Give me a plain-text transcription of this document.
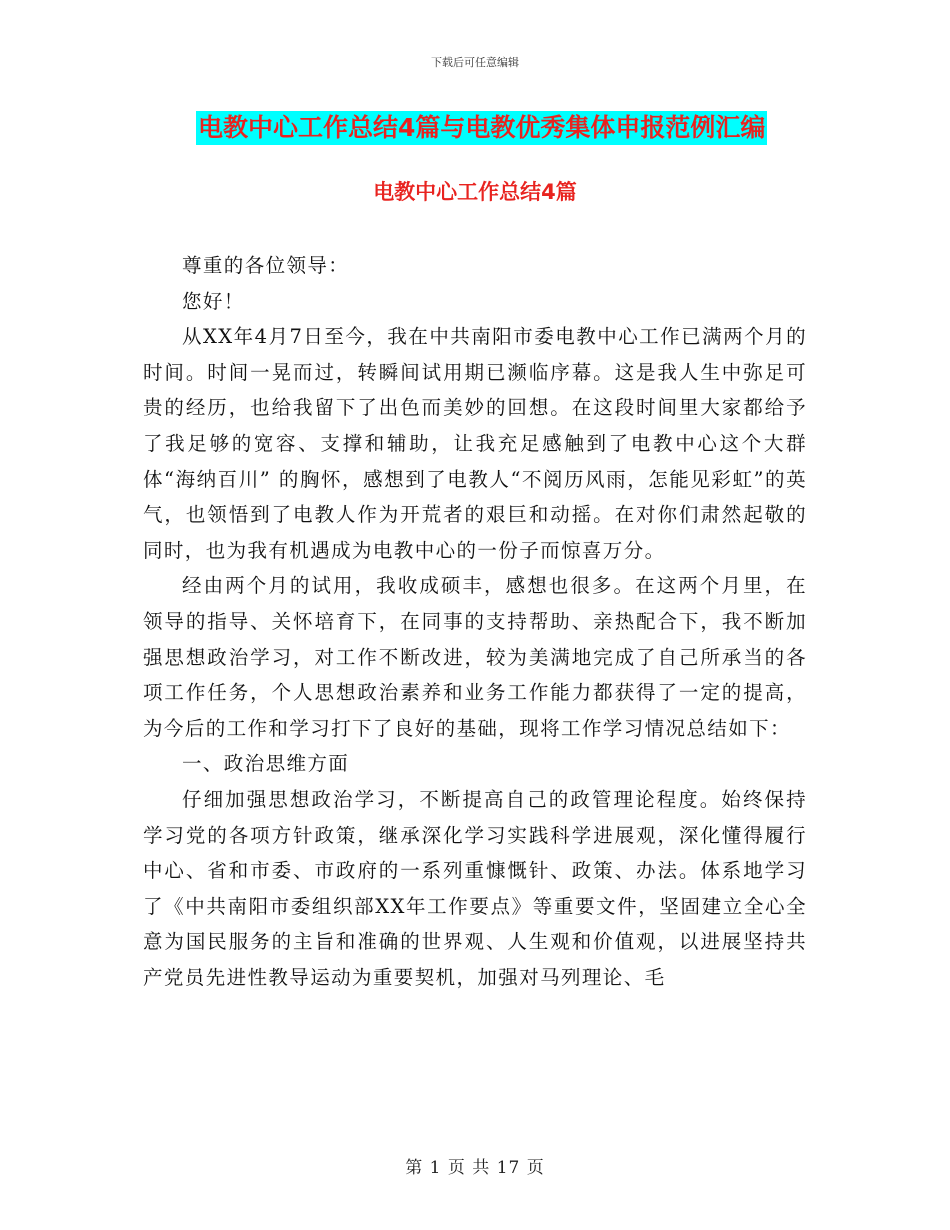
下载后可任意编辑
电教中心工作总结4篇与电教优秀集体申报范例汇编
电教中心工作总结4篇

尊重的各位领导：

您好！

从XX年4月7日至今，我在中共南阳市委电教中心工作已满两个月的时间。时间一晃而过，转瞬间试用期已濒临序幕。这是我人生中弥足可贵的经历，也给我留下了出色而美妙的回想。在这段时间里大家都给予了我足够的宽容、支撑和辅助，让我充足感触到了电教中心这个大群体“海纳百川” 的胸怀，感想到了电教人“不阅历风雨，怎能见彩虹”的英气，也领悟到了电教人作为开荒者的艰巨和动摇。在对你们肃然起敬的同时，也为我有机遇成为电教中心的一份子而惊喜万分。

经由两个月的试用，我收成硕丰，感想也很多。在这两个月里，在领导的指导、关怀培育下，在同事的支持帮助、亲热配合下，我不断加强思想政治学习，对工作不断改进，较为美满地完成了自己所承当的各项工作任务，个人思想政治素养和业务工作能力都获得了一定的提高，为今后的工作和学习打下了良好的基础，现将工作学习情况总结如下：

一、政治思维方面

仔细加强思想政治学习，不断提高自己的政管理论程度。始终保持学习党的各项方针政策，继承深化学习实践科学进展观，深化懂得履行中心、省和市委、市政府的一系列重慷慨针、政策、办法。体系地学习了《中共南阳市委组织部XX年工作要点》等重要文件，坚固建立全心全意为国民服务的主旨和准确的世界观、人生观和价值观，以进展坚持共产党员先进性教导运动为重要契机，加强对马列理论、毛

第 1 页 共 17 页
